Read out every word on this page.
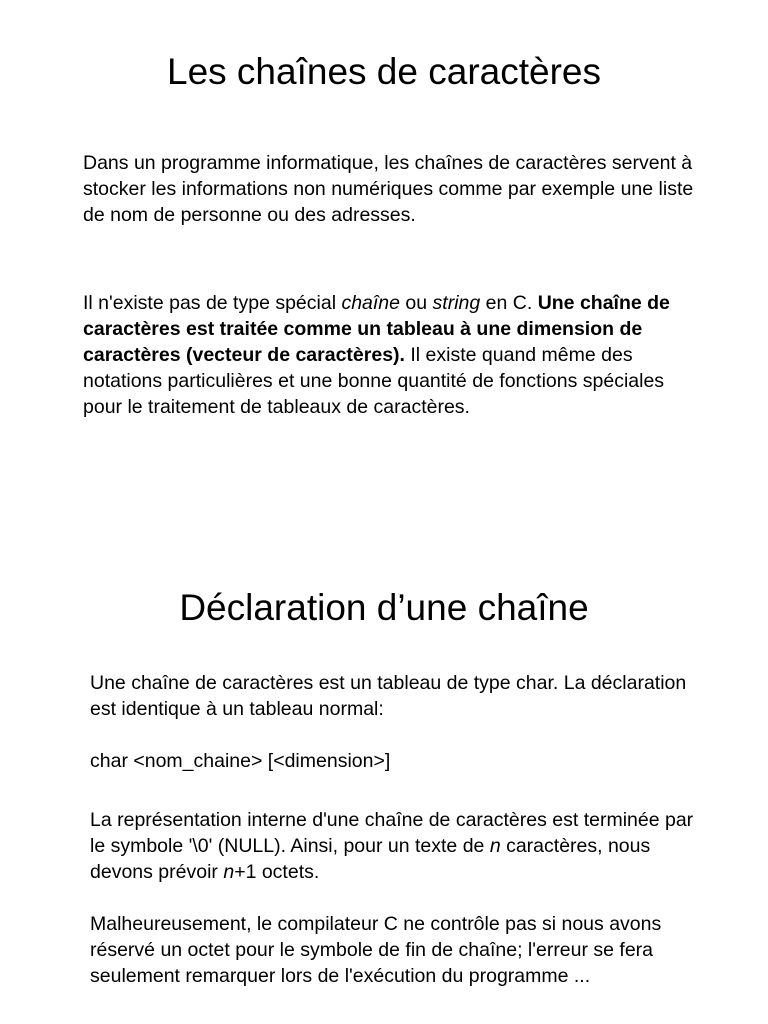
Les chaînes de caractères

Dans un programme informatique, les chaînes de caractères servent à stocker les informations non numériques comme par exemple une liste de nom de personne ou des adresses.

Il n'existe pas de type spécial chaîne ou string en C. Une chaîne de caractères est traitée comme un tableau à une dimension de caractères (vecteur de caractères). Il existe quand même des notations particulières et une bonne quantité de fonctions spéciales pour le traitement de tableaux de caractères.

Déclaration d’une chaîne

Une chaîne de caractères est un tableau de type char. La déclaration est identique à un tableau normal:

char <nom_chaine> [<dimension>]

La représentation interne d'une chaîne de caractères est terminée par le symbole '\0' (NULL). Ainsi, pour un texte de n caractères, nous devons prévoir n+1 octets.

Malheureusement, le compilateur C ne contrôle pas si nous avons réservé un octet pour le symbole de fin de chaîne; l'erreur se fera seulement remarquer lors de l'exécution du programme ...
